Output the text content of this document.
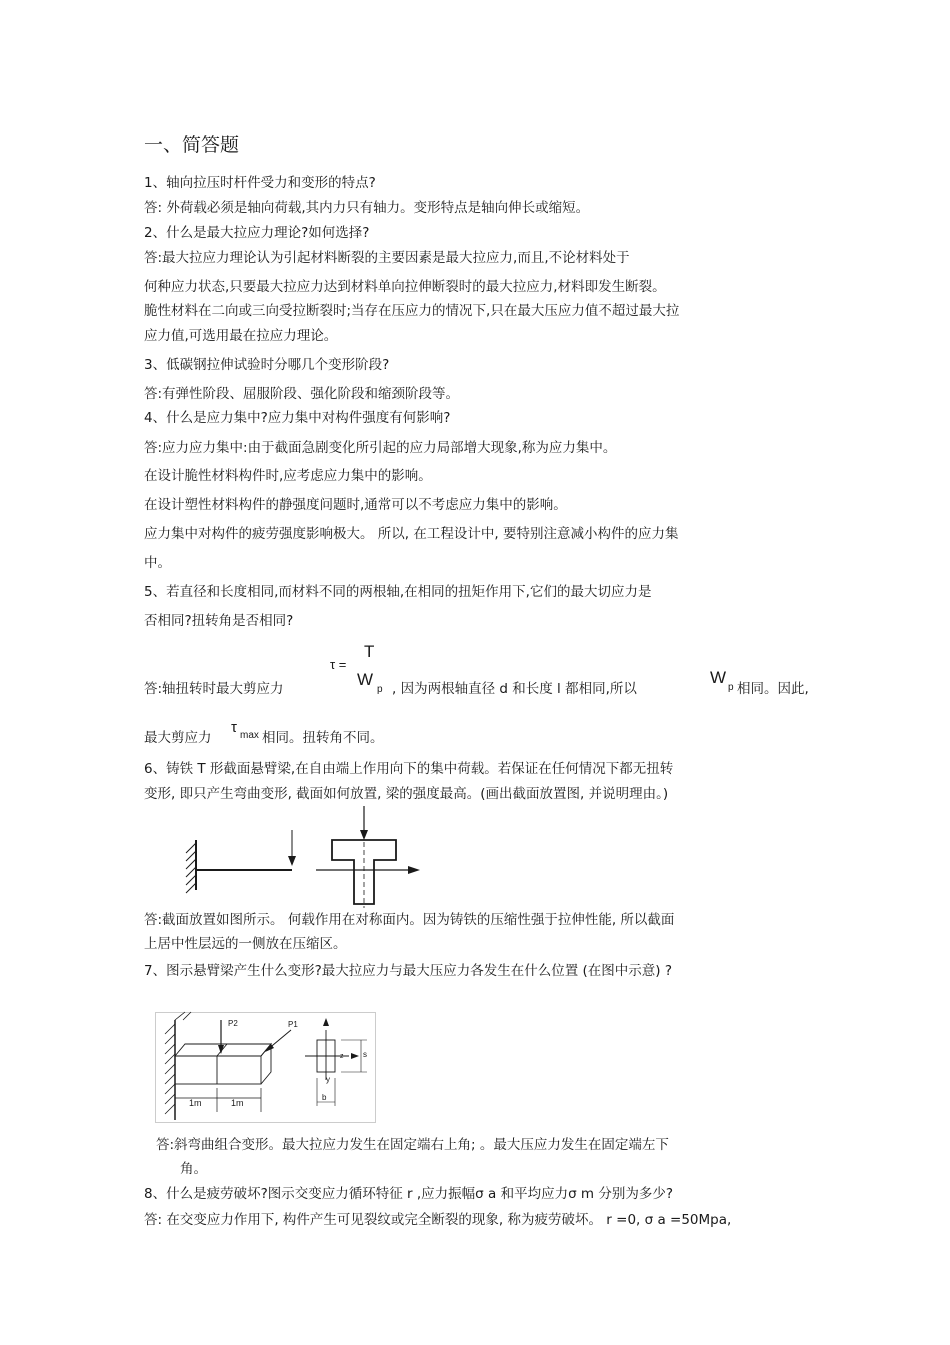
一、简答题
1、轴向拉压时杆件受力和变形的特点?
答: 外荷载必须是轴向荷载,其内力只有轴力。变形特点是轴向伸长或缩短。
2、什么是最大拉应力理论?如何选择?
答:最大拉应力理论认为引起材料断裂的主要因素是最大拉应力,而且,不论材料处于
何种应力状态,只要最大拉应力达到材料单向拉伸断裂时的最大拉应力,材料即发生断裂。
脆性材料在二向或三向受拉断裂时;当存在压应力的情况下,只在最大压应力值不超过最大拉
应力值,可选用最在拉应力理论。
3、低碳钢拉伸试验时分哪几个变形阶段?
答:有弹性阶段、屈服阶段、强化阶段和缩颈阶段等。
4、什么是应力集中?应力集中对构件强度有何影响?
答:应力应力集中:由于截面急剧变化所引起的应力局部增大现象,称为应力集中。
在设计脆性材料构件时,应考虑应力集中的影响。
在设计塑性材料构件的静强度问题时,通常可以不考虑应力集中的影响。
应力集中对构件的疲劳强度影响极大。 所以, 在工程设计中, 要特别注意减小构件的应力集
中。
5、若直径和长度相同,而材料不同的两根轴,在相同的扭矩作用下,它们的最大切应力是
否相同?扭转角是否相同?
τ =
T
W
p
答:轴扭转时最大剪应力	, 因为两根轴直径 d 和长度 l 都相同,所以
W
p 相同。因此,
最大剪应力
τ max 相同。扭转角不同。
6、铸铁 T 形截面悬臂梁,在自由端上作用向下的集中荷载。若保证在任何情况下都无扭转
变形, 即只产生弯曲变形, 截面如何放置, 梁的强度最高。(画出截面放置图, 并说明理由。)
答:截面放置如图所示。 何载作用在对称面内。因为铸铁的压缩性强于拉伸性能, 所以截面
上居中性层远的一侧放在压缩区。
7、图示悬臂梁产生什么变形?最大拉应力与最大压应力各发生在什么位置 (在图中示意) ?
P2	P1
z
y
s
b
1m	1m
答:斜弯曲组合变形。最大拉应力发生在固定端右上角; 。最大压应力发生在固定端左下
角。
8、什么是疲劳破坏?图示交变应力循环特征 r ,应力振幅σ a 和平均应力σ m 分别为多少?
答: 在交变应力作用下, 构件产生可见裂纹或完全断裂的现象, 称为疲劳破坏。 r =0, σ a =50Mpa,
